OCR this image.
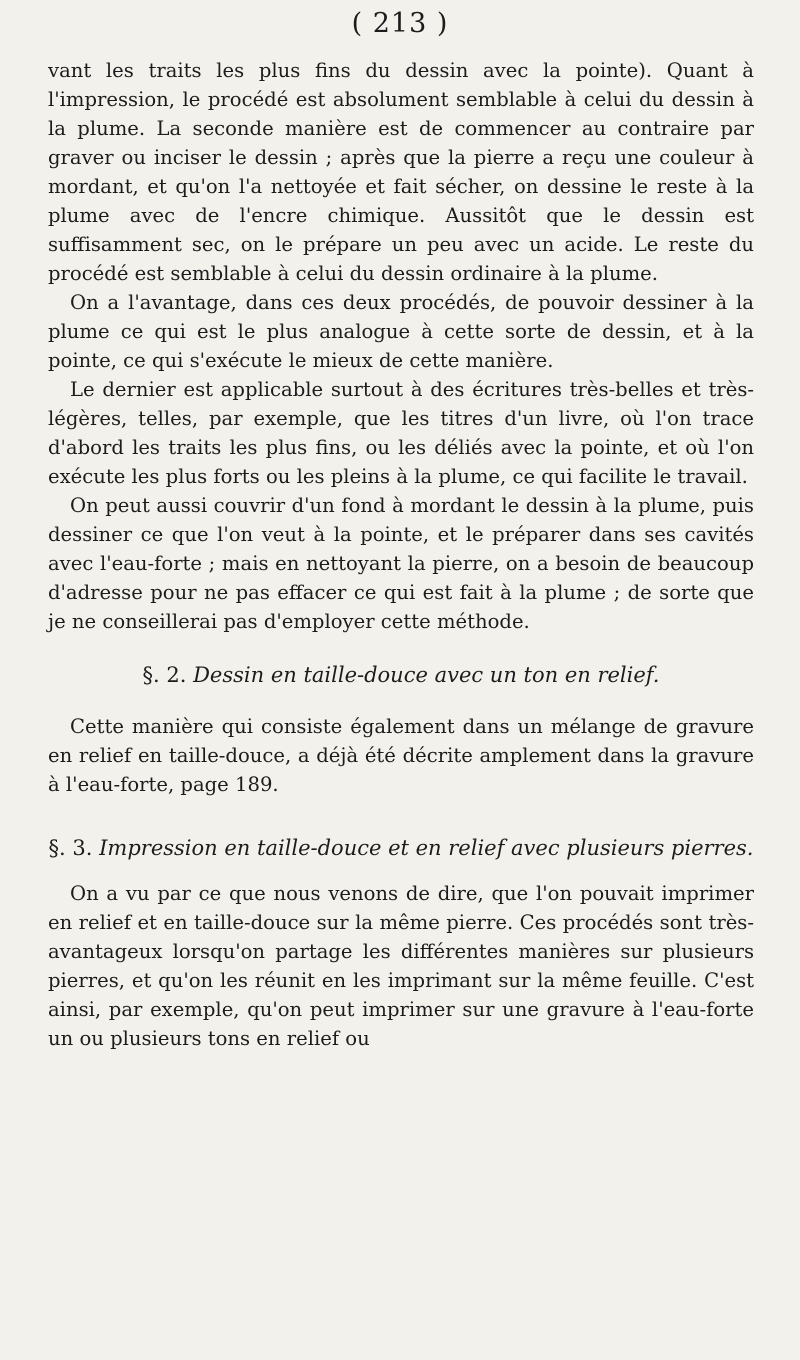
( 213 )

vant les traits les plus fins du dessin avec la pointe). Quant à l'impression, le procédé est absolument semblable à celui du dessin à la plume. La seconde manière est de commencer au contraire par graver ou inciser le dessin ; après que la pierre a reçu une couleur à mordant, et qu'on l'a nettoyée et fait sécher, on dessine le reste à la plume avec de l'encre chimique. Aussitôt que le dessin est suffisamment sec, on le prépare un peu avec un acide. Le reste du procédé est semblable à celui du dessin ordinaire à la plume.

On a l'avantage, dans ces deux procédés, de pouvoir dessiner à la plume ce qui est le plus analogue à cette sorte de dessin, et à la pointe, ce qui s'exécute le mieux de cette manière.

Le dernier est applicable surtout à des écritures très-belles et très-légères, telles, par exemple, que les titres d'un livre, où l'on trace d'abord les traits les plus fins, ou les déliés avec la pointe, et où l'on exécute les plus forts ou les pleins à la plume, ce qui facilite le travail.

On peut aussi couvrir d'un fond à mordant le dessin à la plume, puis dessiner ce que l'on veut à la pointe, et le préparer dans ses cavités avec l'eau-forte ; mais en nettoyant la pierre, on a besoin de beaucoup d'adresse pour ne pas effacer ce qui est fait à la plume ; de sorte que je ne conseillerai pas d'employer cette méthode.

§. 2. Dessin en taille-douce avec un ton en relief.

Cette manière qui consiste également dans un mélange de gravure en relief en taille-douce, a déjà été décrite amplement dans la gravure à l'eau-forte, page 189.

§. 3. Impression en taille-douce et en relief avec plusieurs pierres.

On a vu par ce que nous venons de dire, que l'on pouvait imprimer en relief et en taille-douce sur la même pierre. Ces procédés sont très-avantageux lorsqu'on partage les différentes manières sur plusieurs pierres, et qu'on les réunit en les imprimant sur la même feuille. C'est ainsi, par exemple, qu'on peut imprimer sur une gravure à l'eau-forte un ou plusieurs tons en relief ou
